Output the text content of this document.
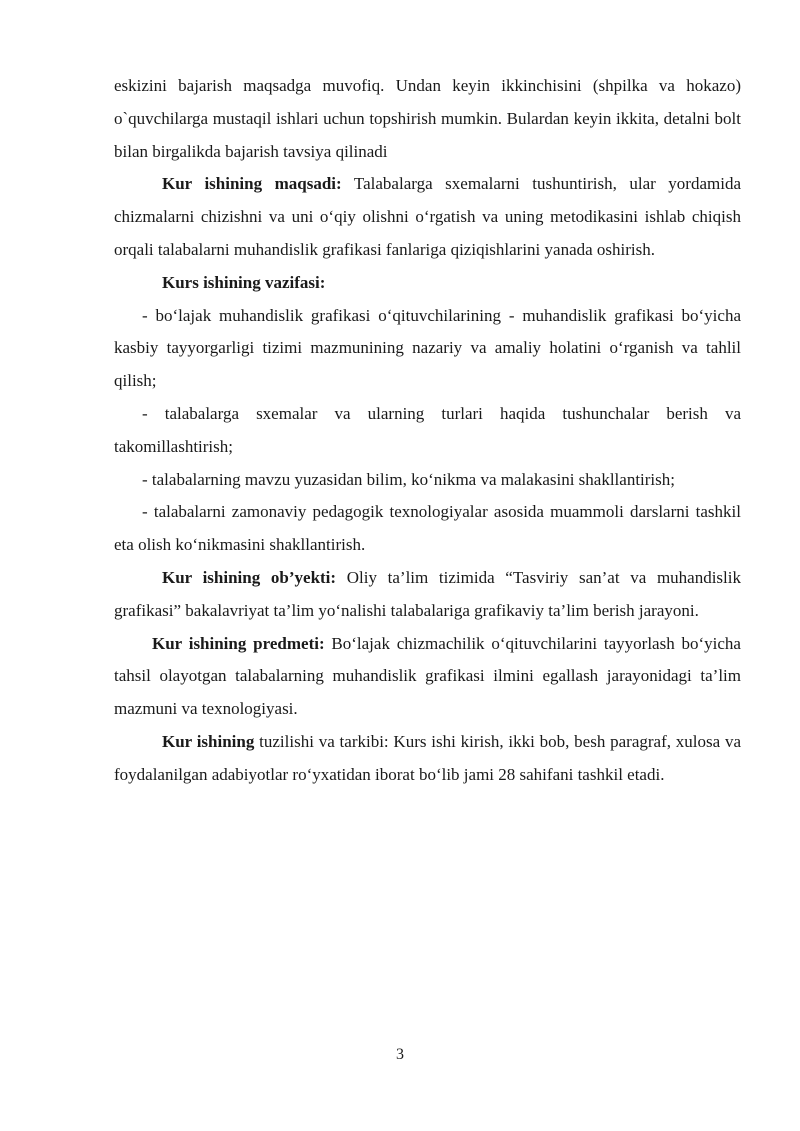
eskizini bajarish maqsadga muvofiq. Undan keyin ikkinchisini (shpilka va hokazo) o`quvchilarga mustaqil ishlari uchun topshirish mumkin. Bulardan keyin ikkita, detalni bolt bilan birgalikda bajarish tavsiya qilinadi

Kur ishining maqsadi: Talabalarga sxemalarni tushuntirish, ular yordamida chizmalarni chizishni va uni o‘qiy olishni o‘rgatish va uning metodikasini ishlab chiqish orqali talabalarni muhandislik grafikasi fanlariga qiziqishlarini yanada oshirish.

Kurs ishining vazifasi:

- bo‘lajak muhandislik grafikasi o‘qituvchilarining - muhandislik grafikasi bo‘yicha kasbiy tayyorgarligi tizimi mazmunining nazariy va amaliy holatini o‘rganish va tahlil qilish;

- talabalarga sxemalar va ularning turlari haqida tushunchalar berish va takomillashtirish;

- talabalarning mavzu yuzasidan bilim, ko‘nikma va malakasini shakllantirish;

- talabalarni zamonaviy pedagogik texnologiyalar asosida muammoli darslarni tashkil eta olish ko‘nikmasini shakllantirish.

Kur ishining ob’yekti: Oliy ta’lim tizimida “Tasviriy san’at va muhandislik grafikasi” bakalavriyat ta’lim yo‘nalishi talabalariga grafikaviy ta’lim berish jarayoni.

Kur ishining predmeti: Bo‘lajak chizmachilik o‘qituvchilarini tayyorlash bo‘yicha tahsil olayotgan talabalarning muhandislik grafikasi ilmini egallash jarayonidagi ta’lim mazmuni va texnologiyasi.

Kur ishining tuzilishi va tarkibi: Kurs ishi kirish, ikki bob, besh paragraf, xulosa va foydalanilgan adabiyotlar ro‘yxatidan iborat bo‘lib jami 28 sahifani tashkil etadi.

3
